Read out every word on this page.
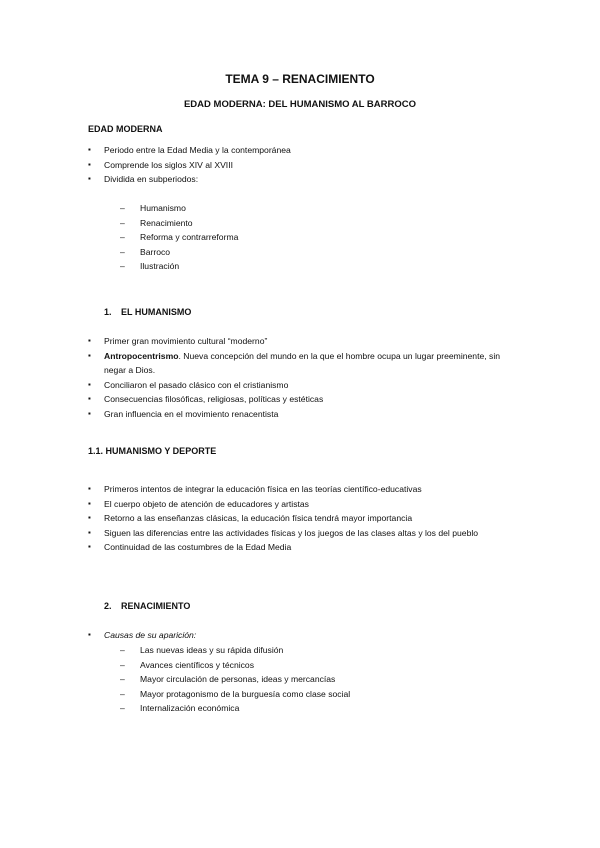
TEMA 9 – RENACIMIENTO
EDAD MODERNA: DEL HUMANISMO AL BARROCO
EDAD MODERNA
▪ Periodo entre la Edad Media y la contemporánea
▪ Comprende los siglos XIV al XVIII
▪ Dividida en subperiodos:
– Humanismo
– Renacimiento
– Reforma y contrarreforma
– Barroco
– Ilustración
1. EL HUMANISMO
▪ Primer gran movimiento cultural “moderno”
▪ Antropocentrismo. Nueva concepción del mundo en la que el hombre ocupa un lugar preeminente, sin negar a Dios.
▪ Conciliaron el pasado clásico con el cristianismo
▪ Consecuencias filosóficas, religiosas, políticas y estéticas
▪ Gran influencia en el movimiento renacentista
1.1. HUMANISMO Y DEPORTE
▪ Primeros intentos de integrar la educación física en las teorías científico-educativas
▪ El cuerpo objeto de atención de educadores y artistas
▪ Retorno a las enseñanzas clásicas, la educación física tendrá mayor importancia
▪ Siguen las diferencias entre las actividades físicas y los juegos de las clases altas y los del pueblo
▪ Continuidad de las costumbres de la Edad Media
2. RENACIMIENTO
▪ Causas de su aparición:
– Las nuevas ideas y su rápida difusión
– Avances científicos y técnicos
– Mayor circulación de personas, ideas y mercancías
– Mayor protagonismo de la burguesía como clase social
– Internalización económica
